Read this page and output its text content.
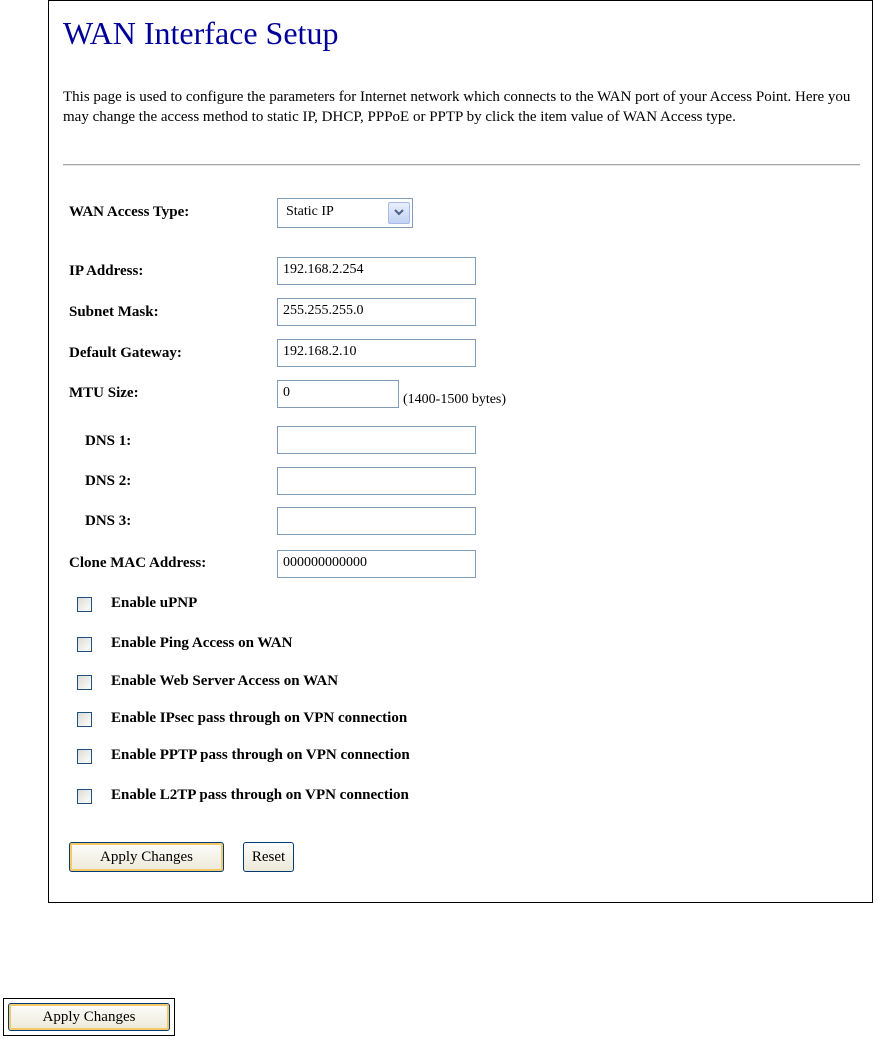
WAN Interface Setup
This page is used to configure the parameters for Internet network which connects to the WAN port of your Access Point. Here you may change the access method to static IP, DHCP, PPPoE or PPTP by click the item value of WAN Access type.
WAN Access Type:	Static IP
IP Address:	192.168.2.254
Subnet Mask:	255.255.255.0
Default Gateway:	192.168.2.10
MTU Size:	0	(1400-1500 bytes)
DNS 1:
DNS 2:
DNS 3:
Clone MAC Address:	000000000000
Enable uPNP
Enable Ping Access on WAN
Enable Web Server Access on WAN
Enable IPsec pass through on VPN connection
Enable PPTP pass through on VPN connection
Enable L2TP pass through on VPN connection
Apply Changes	Reset
Apply Changes
